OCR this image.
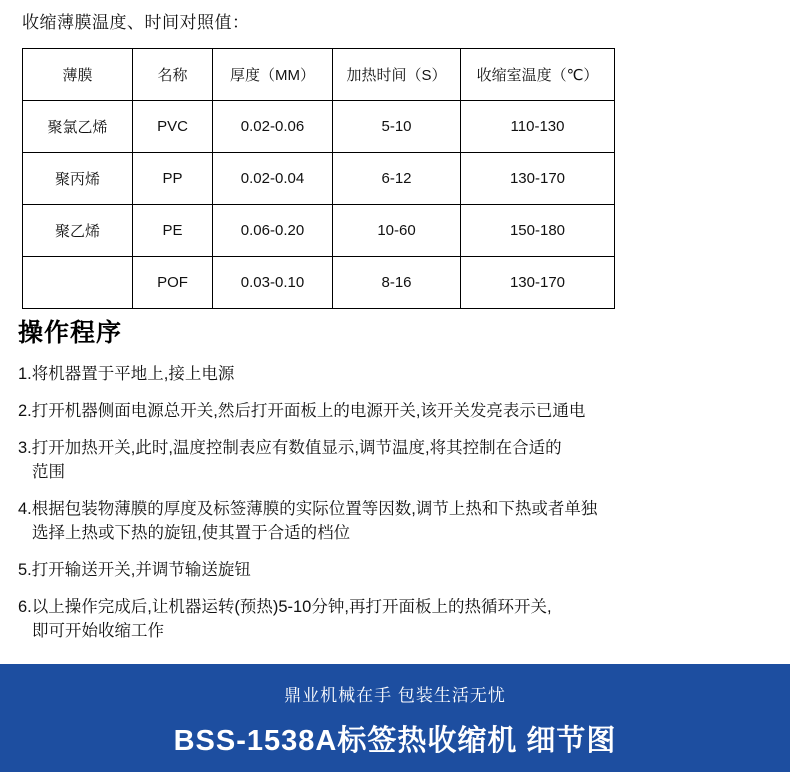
收缩薄膜温度、时间对照值：
薄膜	名称	厚度（MM）	加热时间（S）	收缩室温度（℃）
聚氯乙烯	PVC	0.02-0.06	5-10	110-130
聚丙烯	PP	0.02-0.04	6-12	130-170
聚乙烯	PE	0.06-0.20	10-60	150-180
	POF	0.03-0.10	8-16	130-170
操作程序
1.将机器置于平地上,接上电源
2.打开机器侧面电源总开关,然后打开面板上的电源开关,该开关发亮表示已通电
3.打开加热开关,此时,温度控制表应有数值显示,调节温度,将其控制在合适的
范围
4.根据包装物薄膜的厚度及标签薄膜的实际位置等因数,调节上热和下热或者单独
选择上热或下热的旋钮,使其置于合适的档位
5.打开输送开关,并调节输送旋钮
6.以上操作完成后,让机器运转(预热)5-10分钟,再打开面板上的热循环开关,
即可开始收缩工作
鼎业机械在手 包装生活无忧
BSS-1538A标签热收缩机 细节图
